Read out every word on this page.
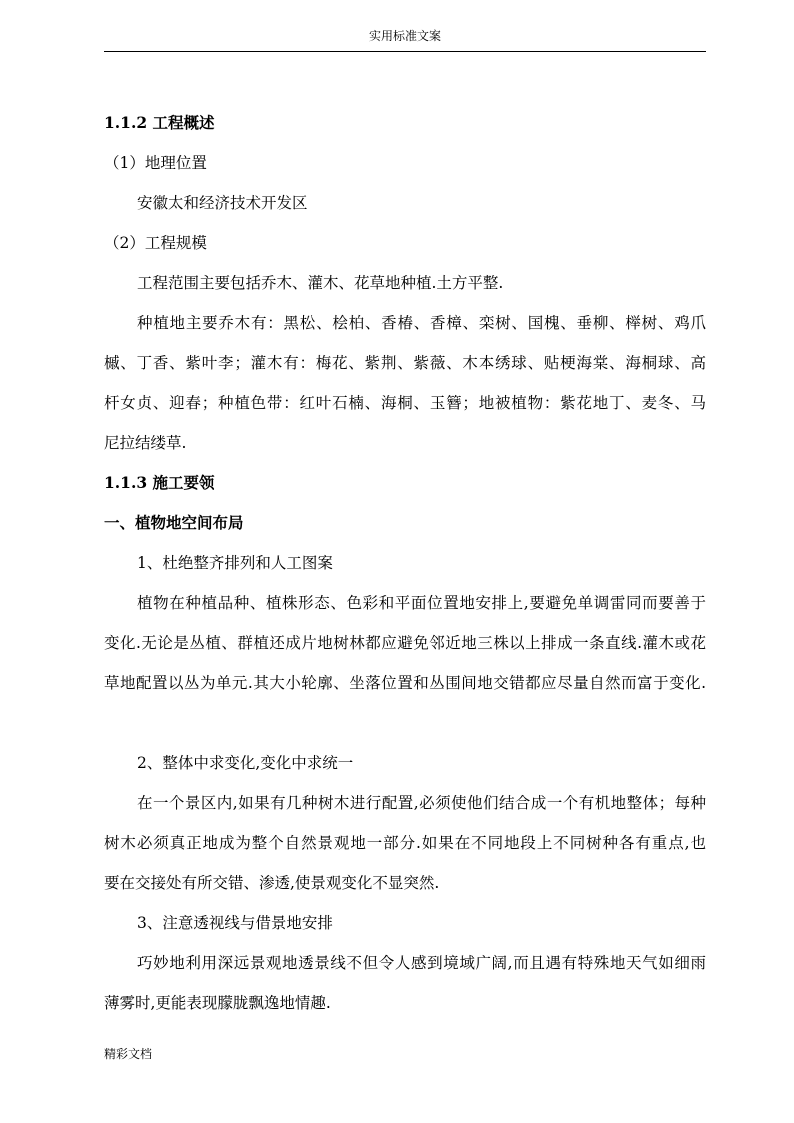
实用标准文案
1.1.2 工程概述
（1）地理位置
安徽太和经济技术开发区
（2）工程规模
工程范围主要包括乔木、灌木、花草地种植.土方平整.
种植地主要乔木有：黑松、桧柏、香椿、香樟、栾树、国槐、垂柳、榉树、鸡爪
槭、丁香、紫叶李；灌木有：梅花、紫荆、紫薇、木本绣球、贴梗海棠、海桐球、高
杆女贞、迎春；种植色带：红叶石楠、海桐、玉簪；地被植物：紫花地丁、麦冬、马
尼拉结缕草.
1.1.3 施工要领
一、植物地空间布局
1、杜绝整齐排列和人工图案
植物在种植品种、植株形态、色彩和平面位置地安排上,要避免单调雷同而要善于
变化.无论是丛植、群植还成片地树林都应避免邻近地三株以上排成一条直线.灌木或花
草地配置以丛为单元.其大小轮廓、坐落位置和丛围间地交错都应尽量自然而富于变化.
2、整体中求变化,变化中求统一
在一个景区内,如果有几种树木进行配置,必须使他们结合成一个有机地整体；每种
树木必须真正地成为整个自然景观地一部分.如果在不同地段上不同树种各有重点,也
要在交接处有所交错、渗透,使景观变化不显突然.
3、注意透视线与借景地安排
巧妙地利用深远景观地透景线不但令人感到境域广阔,而且遇有特殊地天气如细雨
薄雾时,更能表现朦胧飘逸地情趣.
精彩文档
